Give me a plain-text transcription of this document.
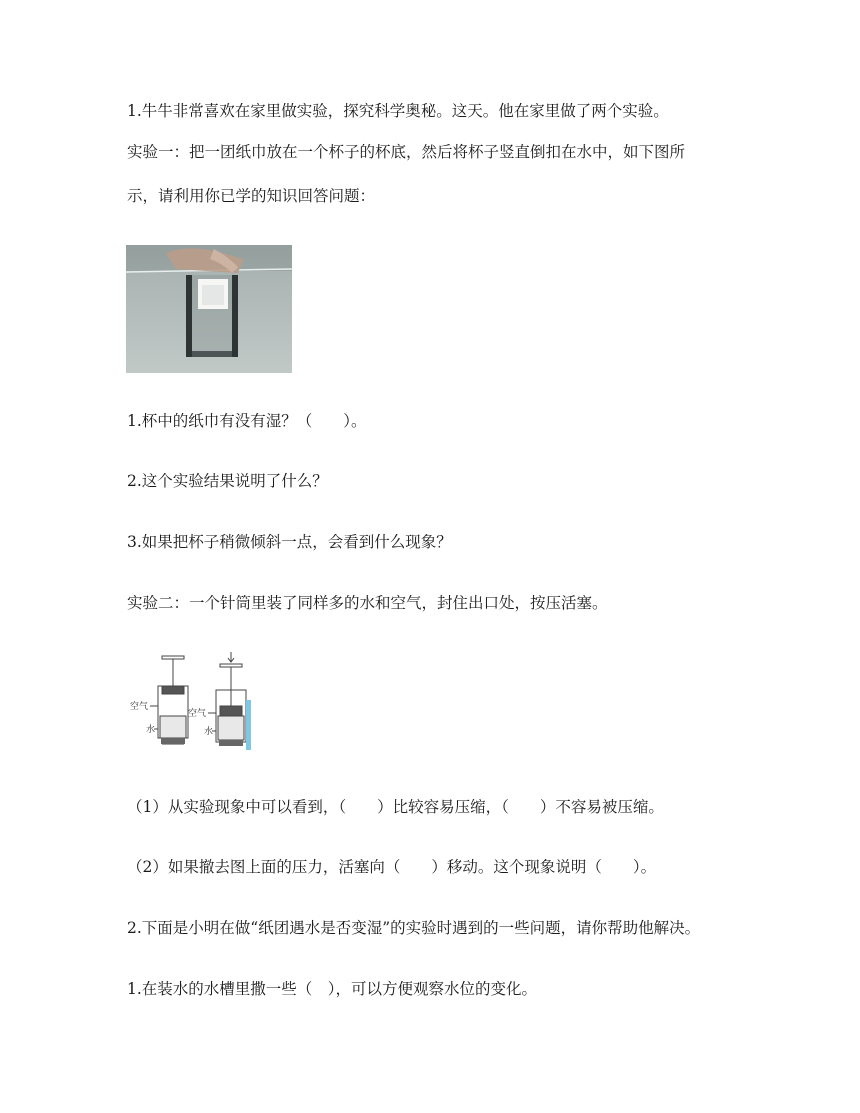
1.牛牛非常喜欢在家里做实验，探究科学奥秘。这天。他在家里做了两个实验。
实验一：把一团纸巾放在一个杯子的杯底，然后将杯子竖直倒扣在水中，如下图所
示，请利用你已学的知识回答问题：
1.杯中的纸巾有没有湿？（　　）。
2.这个实验结果说明了什么？
3.如果把杯子稍微倾斜一点，会看到什么现象？
实验二：一个针筒里装了同样多的水和空气，封住出口处，按压活塞。
空气
水
空气
水
（1）从实验现象中可以看到，（　　）比较容易压缩，（　　）不容易被压缩。
（2）如果撤去图上面的压力，活塞向（　　）移动。这个现象说明（　　）。
2.下面是小明在做“纸团遇水是否变湿”的实验时遇到的一些问题，请你帮助他解决。
1.在装水的水槽里撒一些（　），可以方便观察水位的变化。
